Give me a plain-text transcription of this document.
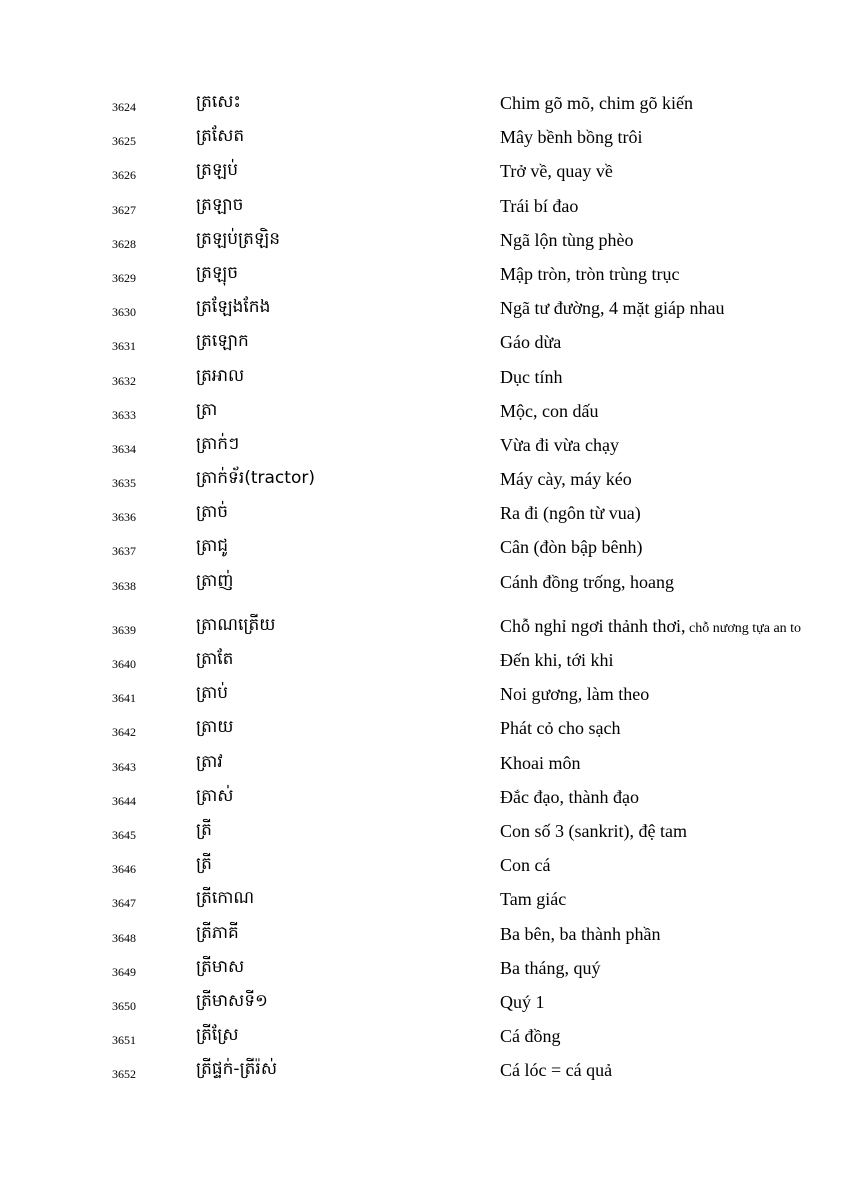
3624	ត្រសេះ	Chim gõ mõ, chim gõ kiến
3625	ត្រសែត	Mây bềnh bồng trôi
3626	ត្រឡប់	Trở về, quay về
3627	ត្រឡាច	Trái bí đao
3628	ត្រឡប់ត្រឡិន	Ngã lộn tùng phèo
3629	ត្រឡុច	Mập tròn, tròn trùng trục
3630	ត្រឡែងកែង	Ngã tư đường, 4 mặt giáp nhau
3631	ត្រឡោក	Gáo dừa
3632	ត្រអាល	Dục tính
3633	ត្រា	Mộc, con dấu
3634	ត្រាក់ៗ	Vừa đi vừa chạy
3635	ត្រាក់ទ័រ(tractor)	Máy cày, máy kéo
3636	ត្រាច់	Ra đi (ngôn từ vua)
3637	ត្រាជូ	Cân (đòn bập bênh)
3638	ត្រាញ់	Cánh đồng trống, hoang
3639	ត្រាណត្រើយ	Chỗ nghỉ ngơi thảnh thơi, chỗ nương tựa an to
3640	ត្រាតែ	Đến khi, tới khi
3641	ត្រាប់	Noi gương, làm theo
3642	ត្រាយ	Phát cỏ cho sạch
3643	ត្រាវ	Khoai môn
3644	ត្រាស់	Đắc đạo, thành đạo
3645	ត្រី	Con số 3 (sankrit), đệ tam
3646	ត្រី	Con cá
3647	ត្រីកោណ	Tam giác
3648	ត្រីភាគី	Ba bên, ba thành phần
3649	ត្រីមាស	Ba tháng, quý
3650	ត្រីមាសទី១	Quý 1
3651	ត្រីស្រែ	Cá đồng
3652	ត្រីផ្ទក់-ត្រីរ៉ស់	Cá lóc = cá quả
